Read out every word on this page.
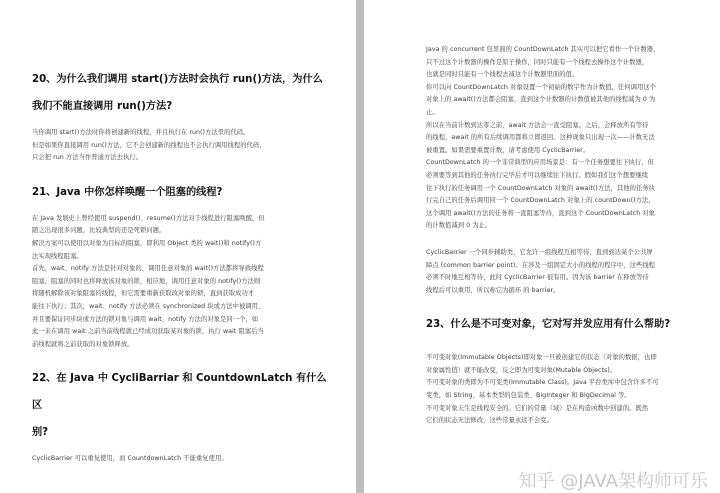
20、为什么我们调用 start()方法时会执行 run()方法，为什么

我们不能直接调用 run()方法?

当你调用 start()方法时你将创建新的线程，并且执行在 run()方法里的代码。

但是如果你直接调用 run()方法，它不会创建新的线程也不会执行调用线程的代码，

只会把 run 方法当作普通方法去执行。

21、Java 中你怎样唤醒一个阻塞的线程?

在 Java 发展史上曾经使用 suspend()、resume()方法对于线程进行阻塞唤醒，但

随之出现很多问题，比较典型的还是死锁问题。

解决方案可以使用以对象为目标的阻塞，即利用 Object 类的 wait()和 notify()方

法实现线程阻塞。

首先，wait、notify 方法是针对对象的，调用任意对象的 wait()方法都将导致线程

阻塞，阻塞的同时也将释放该对象的锁，相应地，调用任意对象的 notify()方法则

将随机解除该对象阻塞的线程，但它需要重新获取改对象的锁，直到获取成功才

能往下执行；其次，wait、notify 方法必须在 synchronized 块或方法中被调用，

并且要保证同步块或方法的锁对象与调用 wait、notify 方法的对象是同一个，如

此一来在调用 wait 之前当前线程就已经成功获取某对象的锁，执行 wait 阻塞后当

前线程就将之前获取的对象锁释放。

22、在 Java 中 CycliBarriar 和 CountdownLatch 有什么区

别?

CyclicBarrier 可以重复使用，而 CountdownLatch 不能重复使用。

Java 的 concurrent 包里面的 CountDownLatch 其实可以把它看作一个计数器，

只不过这个计数器的操作是原子操作，同时只能有一个线程去操作这个计数器，

也就是同时只能有一个线程去减这个计数器里面的值。

你可以向 CountDownLatch 对象设置一个初始的数字作为计数值，任何调用这个

对象上的 await()方法都会阻塞，直到这个计数器的计数值被其他的线程减为 0 为

止。

所以在当前计数到达零之前，await 方法会一直受阻塞。之后，会释放所有等待

的线程，await 的所有后续调用都将立即返回。这种现象只出现一次——计数无法

被重置。如果需要重置计数，请考虑使用 CyclicBarrier。

CountDownLatch 的一个非常典型的应用场景是：有一个任务想要往下执行，但

必须要等到其他的任务执行完毕后才可以继续往下执行。假如我们这个想要继续

往下执行的任务调用一个 CountDownLatch 对象的 await()方法，其他的任务执

行完自己的任务后调用同一个 CountDownLatch 对象上的 countDown()方法，

这个调用 await()方法的任务将一直阻塞等待，直到这个 CountDownLatch 对象

的计数值减到 0 为止。

CyclicBarrier 一个同步辅助类，它允许一组线程互相等待，直到到达某个公共屏

障点 (common barrier point)。在涉及一组固定大小的线程的程序中，这些线程

必须不时地互相等待，此时 CyclicBarrier 很有用。因为该 barrier 在释放等待

线程后可以重用，所以称它为循环 的 barrier。

23、什么是不可变对象，它对写并发应用有什么帮助?

不可变对象(Immutable Objects)即对象一旦被创建它的状态（对象的数据，也即

对象属性值）就不能改变，反之即为可变对象(Mutable Objects)。

不可变对象的类即为不可变类(Immutable Class)。Java 平台类库中包含许多不可

变类，如 String、基本类型的包装类、BigInteger 和 BigDecimal 等。

不可变对象天生是线程安全的。它们的常量（域）是在构造函数中创建的。既然

它们的状态无法修改，这些常量永远不会变。

知乎 @JAVA架构师可乐
